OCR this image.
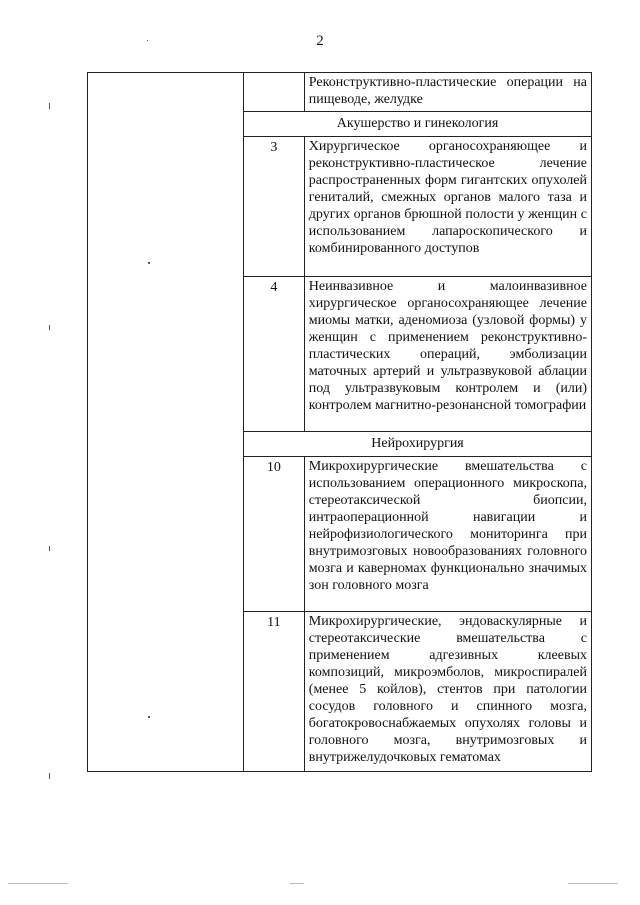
2

		Реконструктивно-пластические операции на пищеводе, желудке

	Акушерство и гинекология	
	3	Хирургическое органосохраняющее и реконструктивно-пластическое лечение распространенных форм гигантских опухолей гениталий, смежных органов малого таза и других органов брюшной полости у женщин с использованием лапароскопического и комбинированного доступов

	4	Неинвазивное и малоинвазивное хирургическое органосохраняющее лечение миомы матки, аденомиоза (узловой формы) у женщин с применением реконструктивно-пластических операций, эмболизации маточных артерий и ультразвуковой аблации под ультразвуковым контролем и (или) контролем магнитно-резонансной томографии

	Нейрохирургия	
	10	Микрохирургические вмешательства с использованием операционного микроскопа, стереотаксической биопсии, интраоперационной навигации и нейрофизиологического мониторинга при внутримозговых новообразованиях головного мозга и каверномах функционально значимых зон головного мозга

	11	Микрохирургические, эндоваскулярные и стереотаксические вмешательства с применением адгезивных клеевых композиций, микроэмболов, микроспиралей (менее 5 койлов), стентов при патологии сосудов головного и спинного мозга, богатокровоснабжаемых опухолях головы и головного мозга, внутримозговых и внутрижелудочковых гематомах
